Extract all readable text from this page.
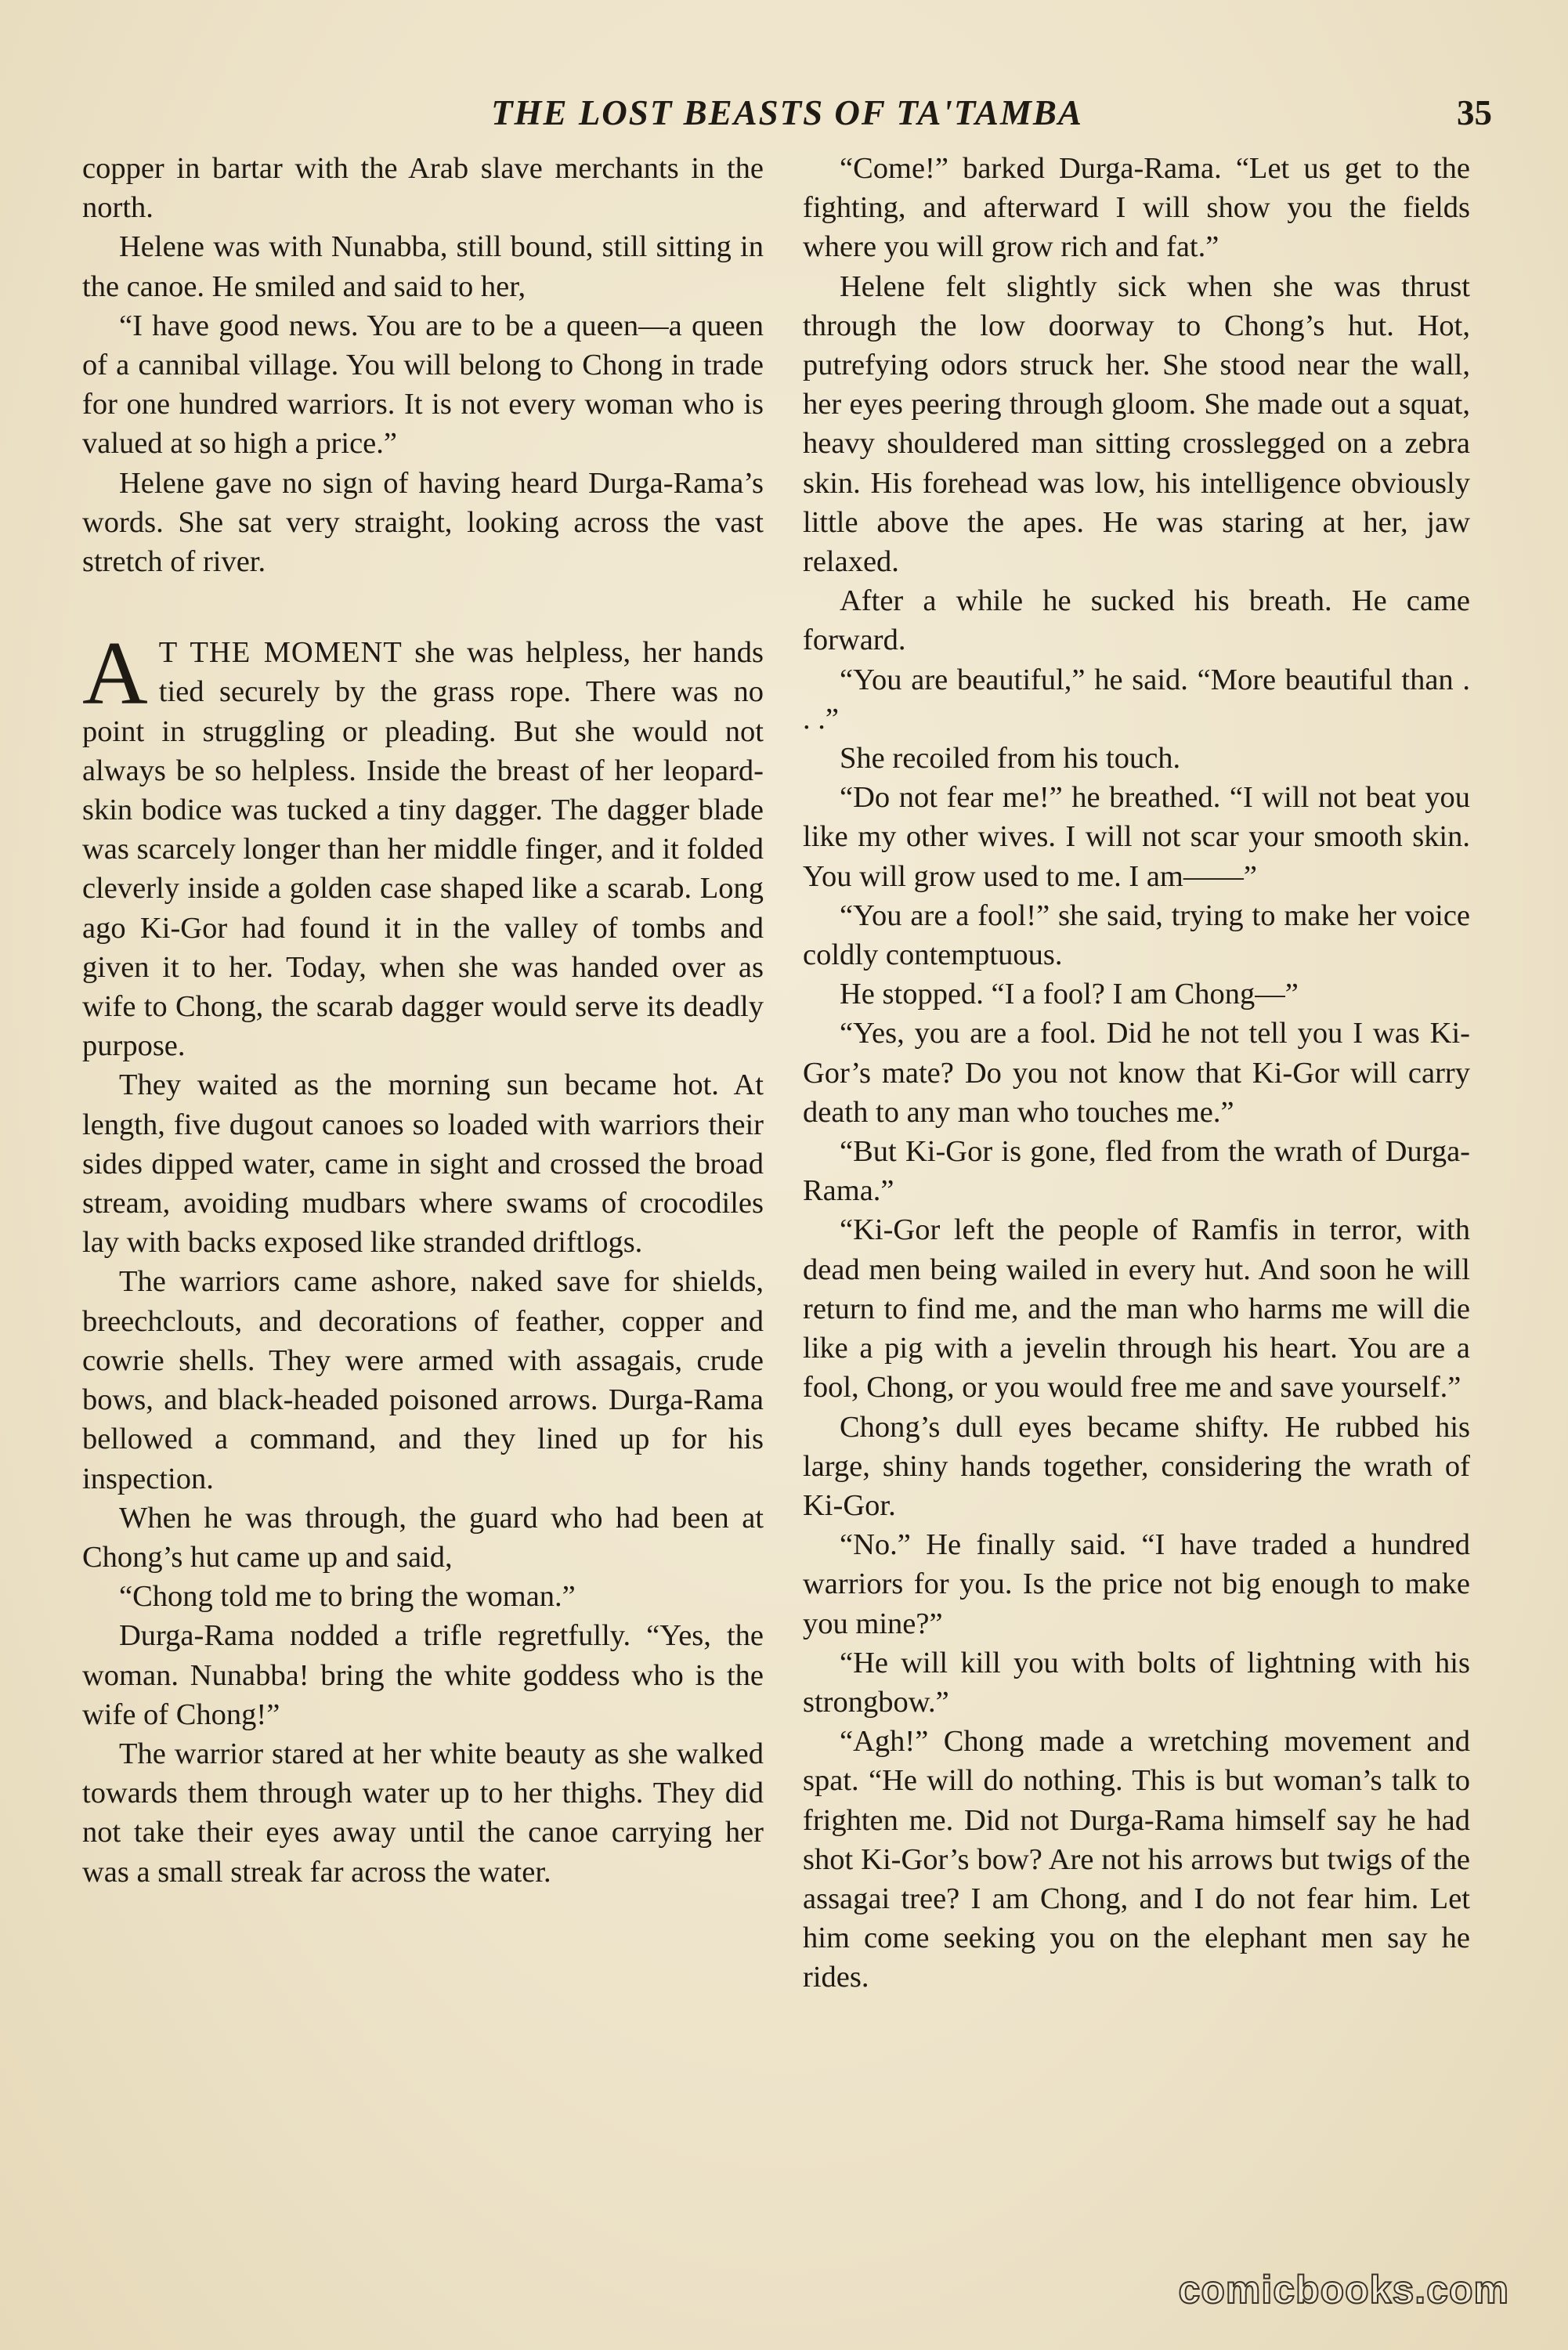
THE LOST BEASTS OF TA'TAMBA	35

copper in bartar with the Arab slave merchants in the north.

Helene was with Nunabba, still bound, still sitting in the canoe. He smiled and said to her,

“I have good news. You are to be a queen—a queen of a cannibal village. You will belong to Chong in trade for one hundred warriors. It is not every woman who is valued at so high a price.”

Helene gave no sign of having heard Durga-Rama’s words. She sat very straight, looking across the vast stretch of river.

A T THE MOMENT she was helpless, her hands tied securely by the grass rope. There was no point in struggling or pleading. But she would not always be so helpless. Inside the breast of her leopard-skin bodice was tucked a tiny dagger. The dagger blade was scarcely longer than her middle finger, and it folded cleverly inside a golden case shaped like a scarab. Long ago Ki-Gor had found it in the valley of tombs and given it to her. Today, when she was handed over as wife to Chong, the scarab dagger would serve its deadly purpose.

They waited as the morning sun became hot. At length, five dugout canoes so loaded with warriors their sides dipped water, came in sight and crossed the broad stream, avoiding mudbars where swams of crocodiles lay with backs exposed like stranded driftlogs.

The warriors came ashore, naked save for shields, breechclouts, and decorations of feather, copper and cowrie shells. They were armed with assagais, crude bows, and black-headed poisoned arrows. Durga-Rama bellowed a command, and they lined up for his inspection.

When he was through, the guard who had been at Chong’s hut came up and said,

“Chong told me to bring the woman.”

Durga-Rama nodded a trifle regretfully. “Yes, the woman. Nunabba! bring the white goddess who is the wife of Chong!”

The warrior stared at her white beauty as she walked towards them through water up to her thighs. They did not take their eyes away until the canoe carrying her was a small streak far across the water.

“Come!” barked Durga-Rama. “Let us get to the fighting, and afterward I will show you the fields where you will grow rich and fat.”

Helene felt slightly sick when she was thrust through the low doorway to Chong’s hut. Hot, putrefying odors struck her. She stood near the wall, her eyes peering through gloom. She made out a squat, heavy shouldered man sitting crosslegged on a zebra skin. His forehead was low, his intelligence obviously little above the apes. He was staring at her, jaw relaxed.

After a while he sucked his breath. He came forward.

“You are beautiful,” he said. “More beautiful than . . .”

She recoiled from his touch.

“Do not fear me!” he breathed. “I will not beat you like my other wives. I will not scar your smooth skin. You will grow used to me. I am——”

“You are a fool!” she said, trying to make her voice coldly contemptuous.

He stopped. “I a fool? I am Chong—”

“Yes, you are a fool. Did he not tell you I was Ki-Gor’s mate? Do you not know that Ki-Gor will carry death to any man who touches me.”

“But Ki-Gor is gone, fled from the wrath of Durga-Rama.”

“Ki-Gor left the people of Ramfis in terror, with dead men being wailed in every hut. And soon he will return to find me, and the man who harms me will die like a pig with a jevelin through his heart. You are a fool, Chong, or you would free me and save yourself.”

Chong’s dull eyes became shifty. He rubbed his large, shiny hands together, considering the wrath of Ki-Gor.

“No.” He finally said. “I have traded a hundred warriors for you. Is the price not big enough to make you mine?”

“He will kill you with bolts of lightning with his strongbow.”

“Agh!” Chong made a wretching movement and spat. “He will do nothing. This is but woman’s talk to frighten me. Did not Durga-Rama himself say he had shot Ki-Gor’s bow? Are not his arrows but twigs of the assagai tree? I am Chong, and I do not fear him. Let him come seeking you on the elephant men say he rides.

comicbooks.com
